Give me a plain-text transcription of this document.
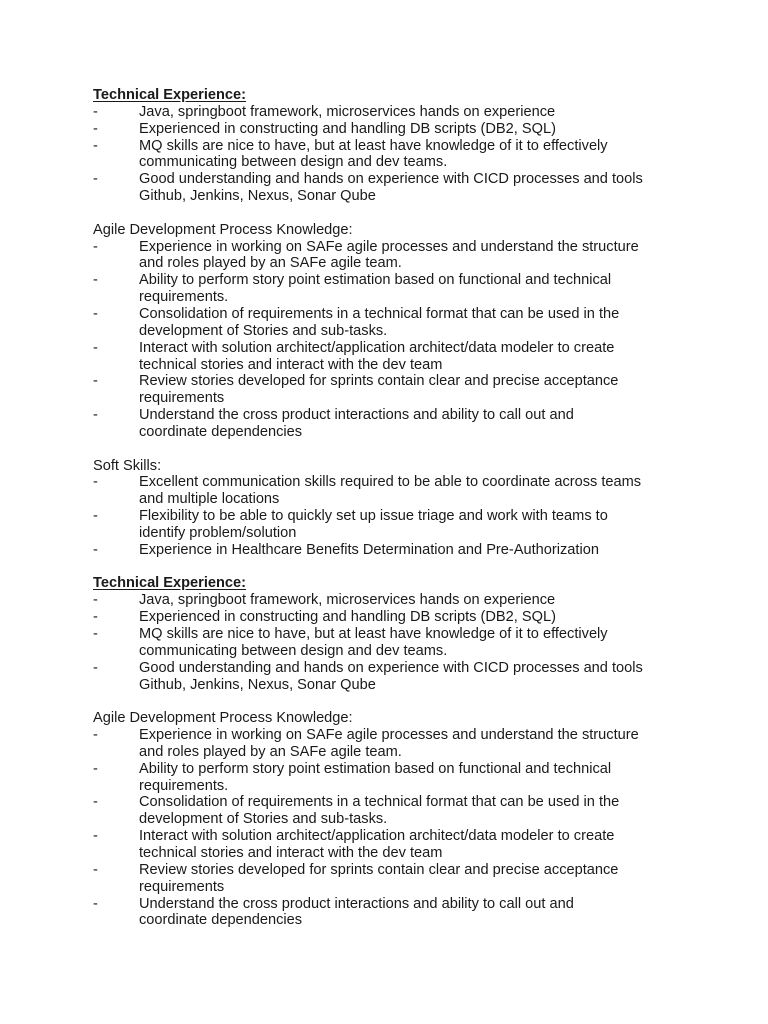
Technical Experience:
-	Java, springboot framework, microservices hands on experience
-	Experienced in constructing and handling DB scripts (DB2, SQL)
-	MQ skills are nice to have, but at least have knowledge of it to effectively
communicating between design and dev teams.
-	Good understanding and hands on experience with CICD processes and tools
Github, Jenkins, Nexus, Sonar Qube
Agile Development Process Knowledge:
-	Experience in working on SAFe agile processes and understand the structure
and roles played by an SAFe agile team.
-	Ability to perform story point estimation based on functional and technical
requirements.
-	Consolidation of requirements in a technical format that can be used in the
development of Stories and sub-tasks.
-	Interact with solution architect/application architect/data modeler to create
technical stories and interact with the dev team
-	Review stories developed for sprints contain clear and precise acceptance
requirements
-	Understand the cross product interactions and ability to call out and
coordinate dependencies
Soft Skills:
-	Excellent communication skills required to be able to coordinate across teams
and multiple locations
-	Flexibility to be able to quickly set up issue triage and work with teams to
identify problem/solution
-	Experience in Healthcare Benefits Determination and Pre-Authorization
Technical Experience:
-	Java, springboot framework, microservices hands on experience
-	Experienced in constructing and handling DB scripts (DB2, SQL)
-	MQ skills are nice to have, but at least have knowledge of it to effectively
communicating between design and dev teams.
-	Good understanding and hands on experience with CICD processes and tools
Github, Jenkins, Nexus, Sonar Qube
Agile Development Process Knowledge:
-	Experience in working on SAFe agile processes and understand the structure
and roles played by an SAFe agile team.
-	Ability to perform story point estimation based on functional and technical
requirements.
-	Consolidation of requirements in a technical format that can be used in the
development of Stories and sub-tasks.
-	Interact with solution architect/application architect/data modeler to create
technical stories and interact with the dev team
-	Review stories developed for sprints contain clear and precise acceptance
requirements
-	Understand the cross product interactions and ability to call out and
coordinate dependencies
